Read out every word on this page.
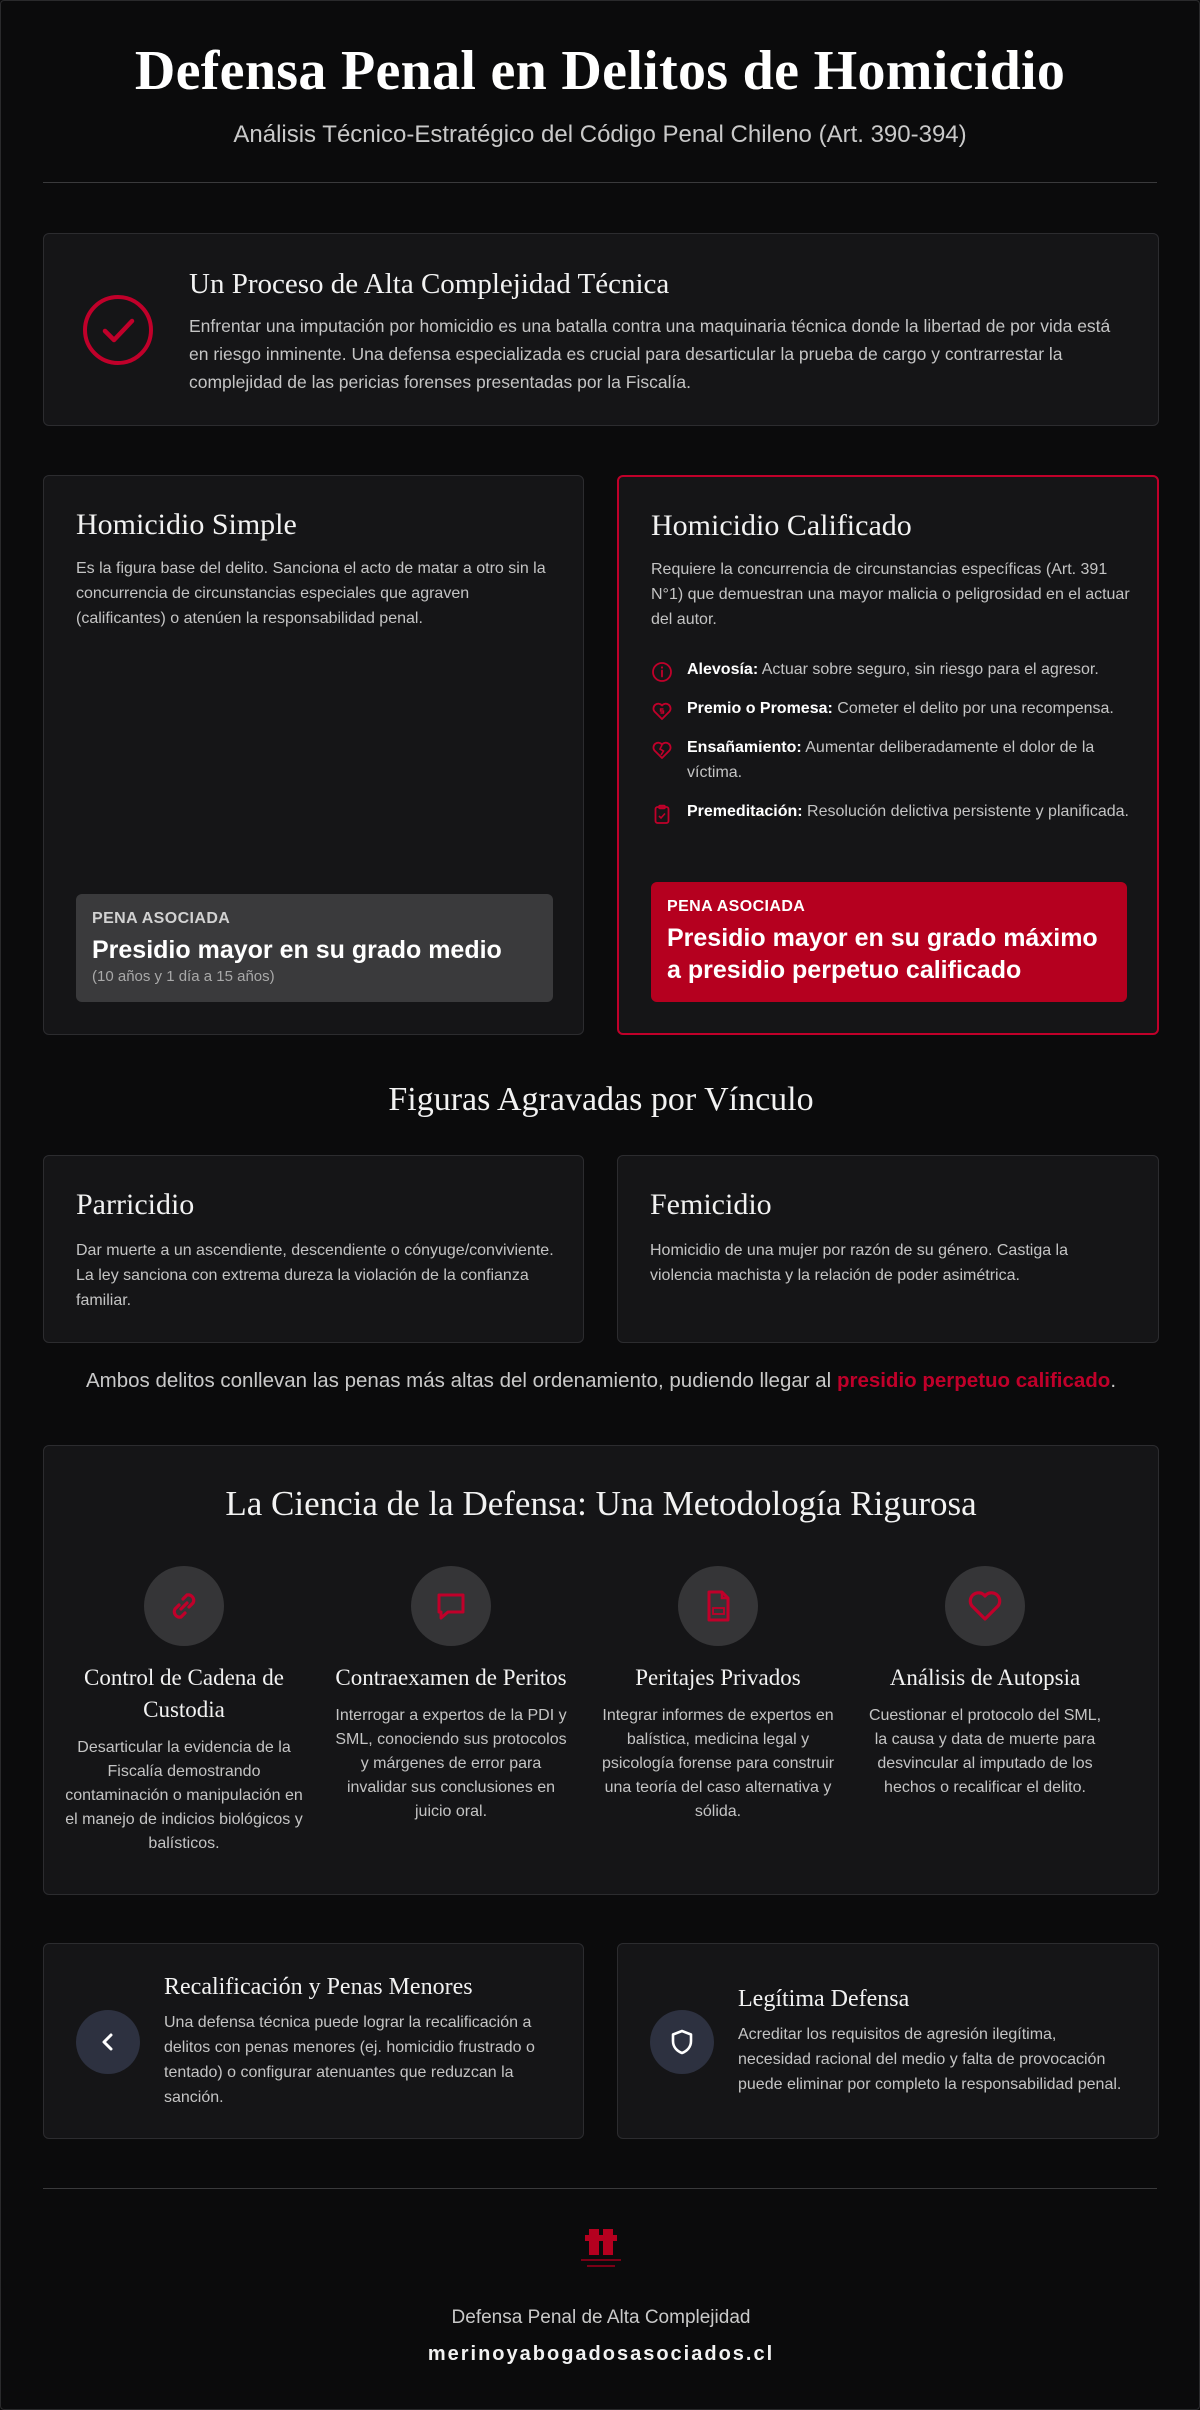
Defensa Penal en Delitos de Homicidio

Análisis Técnico-Estratégico del Código Penal Chileno (Art. 390-394)

Un Proceso de Alta Complejidad Técnica

Enfrentar una imputación por homicidio es una batalla contra una maquinaria técnica donde la libertad de por vida está en riesgo inminente. Una defensa especializada es crucial para desarticular la prueba de cargo y contrarrestar la complejidad de las pericias forenses presentadas por la Fiscalía.

Homicidio Simple

Es la figura base del delito. Sanciona el acto de matar a otro sin la concurrencia de circunstancias especiales que agraven (calificantes) o atenúen la responsabilidad penal.

PENA ASOCIADA
Presidio mayor en su grado medio
(10 años y 1 día a 15 años)
Homicidio Calificado

Requiere la concurrencia de circunstancias específicas (Art. 391 N°1) que demuestran una mayor malicia o peligrosidad en el actuar del autor.

Alevosía: Actuar sobre seguro, sin riesgo para el agresor.
Premio o Promesa: Cometer el delito por una recompensa.
Ensañamiento: Aumentar deliberadamente el dolor de la víctima.
Premeditación: Resolución delictiva persistente y planificada.
PENA ASOCIADA
Presidio mayor en su grado máximo a presidio perpetuo calificado
Figuras Agravadas por Vínculo
Parricidio

Dar muerte a un ascendiente, descendiente o cónyuge/conviviente. La ley sanciona con extrema dureza la violación de la confianza familiar.

Femicidio

Homicidio de una mujer por razón de su género. Castiga la violencia machista y la relación de poder asimétrica.

Ambos delitos conllevan las penas más altas del ordenamiento, pudiendo llegar al presidio perpetuo calificado.
La Ciencia de la Defensa: Una Metodología Rigurosa
Control de Cadena de Custodia

Desarticular la evidencia de la Fiscalía demostrando contaminación o manipulación en el manejo de indicios biológicos y balísticos.

Contraexamen de Peritos

Interrogar a expertos de la PDI y SML, conociendo sus protocolos y márgenes de error para invalidar sus conclusiones en juicio oral.

Peritajes Privados

Integrar informes de expertos en balística, medicina legal y psicología forense para construir una teoría del caso alternativa y sólida.

Análisis de Autopsia

Cuestionar el protocolo del SML, la causa y data de muerte para desvincular al imputado de los hechos o recalificar el delito.

Recalificación y Penas Menores

Una defensa técnica puede lograr la recalificación a delitos con penas menores (ej. homicidio frustrado o tentado) o configurar atenuantes que reduzcan la sanción.

Legítima Defensa

Acreditar los requisitos de agresión ilegítima, necesidad racional del medio y falta de provocación puede eliminar por completo la responsabilidad penal.

Defensa Penal de Alta Complejidad
merinoyabogadosasociados.cl
